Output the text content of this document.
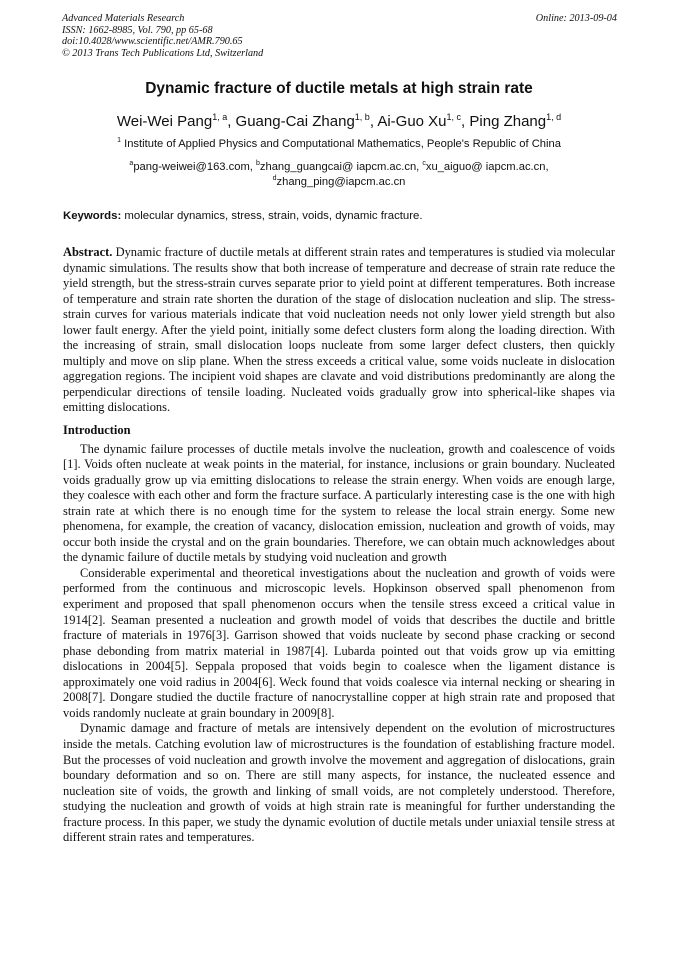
Advanced Materials Research
ISSN: 1662-8985, Vol. 790, pp 65-68
doi:10.4028/www.scientific.net/AMR.790.65
© 2013 Trans Tech Publications Ltd, Switzerland
Online: 2013-09-04
Dynamic fracture of ductile metals at high strain rate
Wei-Wei Pang$^{1, a}$, Guang-Cai Zhang$^{1, b}$, Ai-Guo Xu$^{1, c}$, Ping Zhang$^{1, d}$
$^1$ Institute of Applied Physics and Computational Mathematics, People's Republic of China
$^a$pang-weiwei@163.com, $^b$zhang_guangcai@ iapcm.ac.cn, $^c$xu_aiguo@ iapcm.ac.cn,
$^d$zhang_ping@iapcm.ac.cn
Keywords: molecular dynamics, stress, strain, voids, dynamic fracture.

Abstract. Dynamic fracture of ductile metals at different strain rates and temperatures is studied via molecular dynamic simulations. The results show that both increase of temperature and decrease of strain rate reduce the yield strength, but the stress-strain curves separate prior to yield point at different temperatures. Both increase of temperature and strain rate shorten the duration of the stage of dislocation nucleation and slip. The stress-strain curves for various materials indicate that void nucleation needs not only lower yield strength but also lower fault energy. After the yield point, initially some defect clusters form along the loading direction. With the increasing of strain, small dislocation loops nucleate from some larger defect clusters, then quickly multiply and move on slip plane. When the stress exceeds a critical value, some voids nucleate in dislocation aggregation regions. The incipient void shapes are clavate and void distributions predominantly are along the perpendicular directions of tensile loading. Nucleated voids gradually grow into spherical-like shapes via emitting dislocations.

Introduction

The dynamic failure processes of ductile metals involve the nucleation, growth and coalescence of voids [1]. Voids often nucleate at weak points in the material, for instance, inclusions or grain boundary. Nucleated voids gradually grow up via emitting dislocations to release the strain energy. When voids are enough large, they coalesce with each other and form the fracture surface. A particularly interesting case is the one with high strain rate at which there is no enough time for the system to release the local strain energy. Some new phenomena, for example, the creation of vacancy, dislocation emission, nucleation and growth of voids, may occur both inside the crystal and on the grain boundaries. Therefore, we can obtain much acknowledges about the dynamic failure of ductile metals by studying void nucleation and growth

Considerable experimental and theoretical investigations about the nucleation and growth of voids were performed from the continuous and microscopic levels. Hopkinson observed spall phenomenon from experiment and proposed that spall phenomenon occurs when the tensile stress exceed a critical value in 1914[2]. Seaman presented a nucleation and growth model of voids that describes the ductile and brittle fracture of materials in 1976[3]. Garrison showed that voids nucleate by second phase cracking or second phase debonding from matrix material in 1987[4]. Lubarda pointed out that voids grow up via emitting dislocations in 2004[5]. Seppala proposed that voids begin to coalesce when the ligament distance is approximately one void radius in 2004[6]. Weck found that voids coalesce via internal necking or shearing in 2008[7]. Dongare studied the ductile fracture of nanocrystalline copper at high strain rate and proposed that voids randomly nucleate at grain boundary in 2009[8].

Dynamic damage and fracture of metals are intensively dependent on the evolution of microstructures inside the metals. Catching evolution law of microstructures is the foundation of establishing fracture model. But the processes of void nucleation and growth involve the movement and aggregation of dislocations, grain boundary deformation and so on. There are still many aspects, for instance, the nucleated essence and nucleation site of voids, the growth and linking of small voids, are not completely understood. Therefore, studying the nucleation and growth of voids at high strain rate is meaningful for further understanding the fracture process. In this paper, we study the dynamic evolution of ductile metals under uniaxial tensile stress at different strain rates and temperatures.
